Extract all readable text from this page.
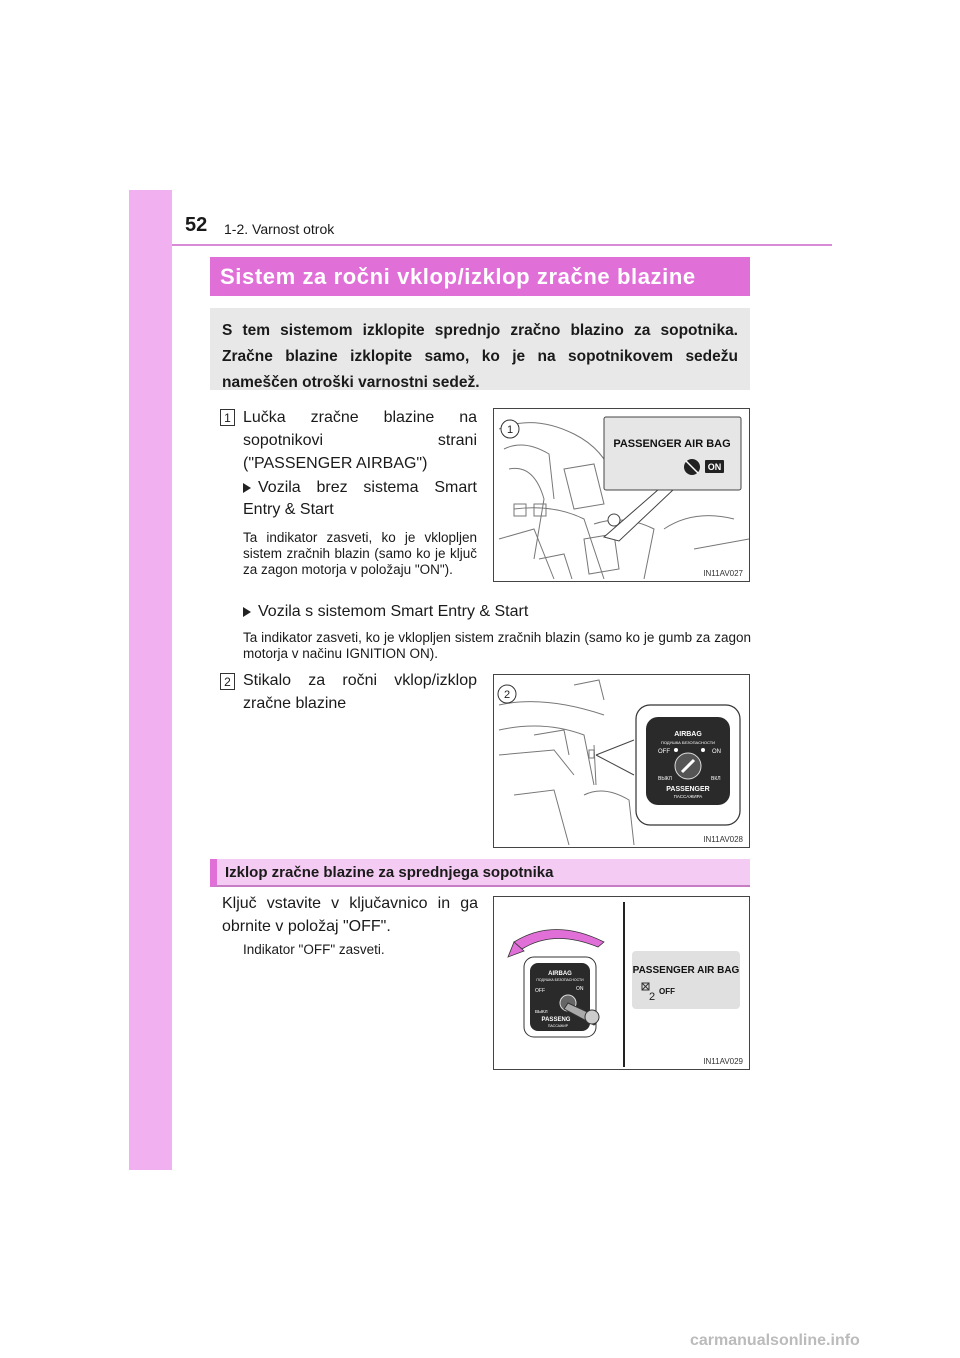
52 1-2. Varnost otrok
Sistem za ročni vklop/izklop zračne blazine

S tem sistemom izklopite sprednjo zračno blazino za sopotnika. Zračne blazine izklopite samo, ko je na sopotnikovem sedežu nameščen otroški varnostni sedež.

1 Lučka zračne blazine na sopotnikovi strani ("PASSENGER AIRBAG")
Vozila brez sistema Smart Entry & Start
Ta indikator zasveti, ko je vklopljen sistem zračnih blazin (samo ko je ključ za zagon motorja v položaju "ON").
Vozila s sistemom Smart Entry & Start
Ta indikator zasveti, ko je vklopljen sistem zračnih blazin (samo ko je gumb za zagon motorja v načinu IGNITION ON).
1
PASSENGER AIR BAG
ON
IN11AV027
2 Stikalo za ročni vklop/izklop zračne blazine	2
AIRBAG
ПОДУШКА БЕЗОПАСНОСТИ
OFF	ON
ВЫКЛ	ВКЛ
PASSENGER
ПАССАЖИРА
IN11AV028
Izklop zračne blazine za sprednjega sopotnika
Ključ vstavite v ključavnico in ga obrnite v položaj "OFF".
Indikator "OFF" zasveti.
AIRBAG
ПОДУШКА БЕЗОПАСНОСТИ
OFF	ON
ВЫКЛ
PASSENG
ПАССАЖИР
PASSENGER AIR BAG
2 OFF
IN11AV029
carmanualsonline.info
